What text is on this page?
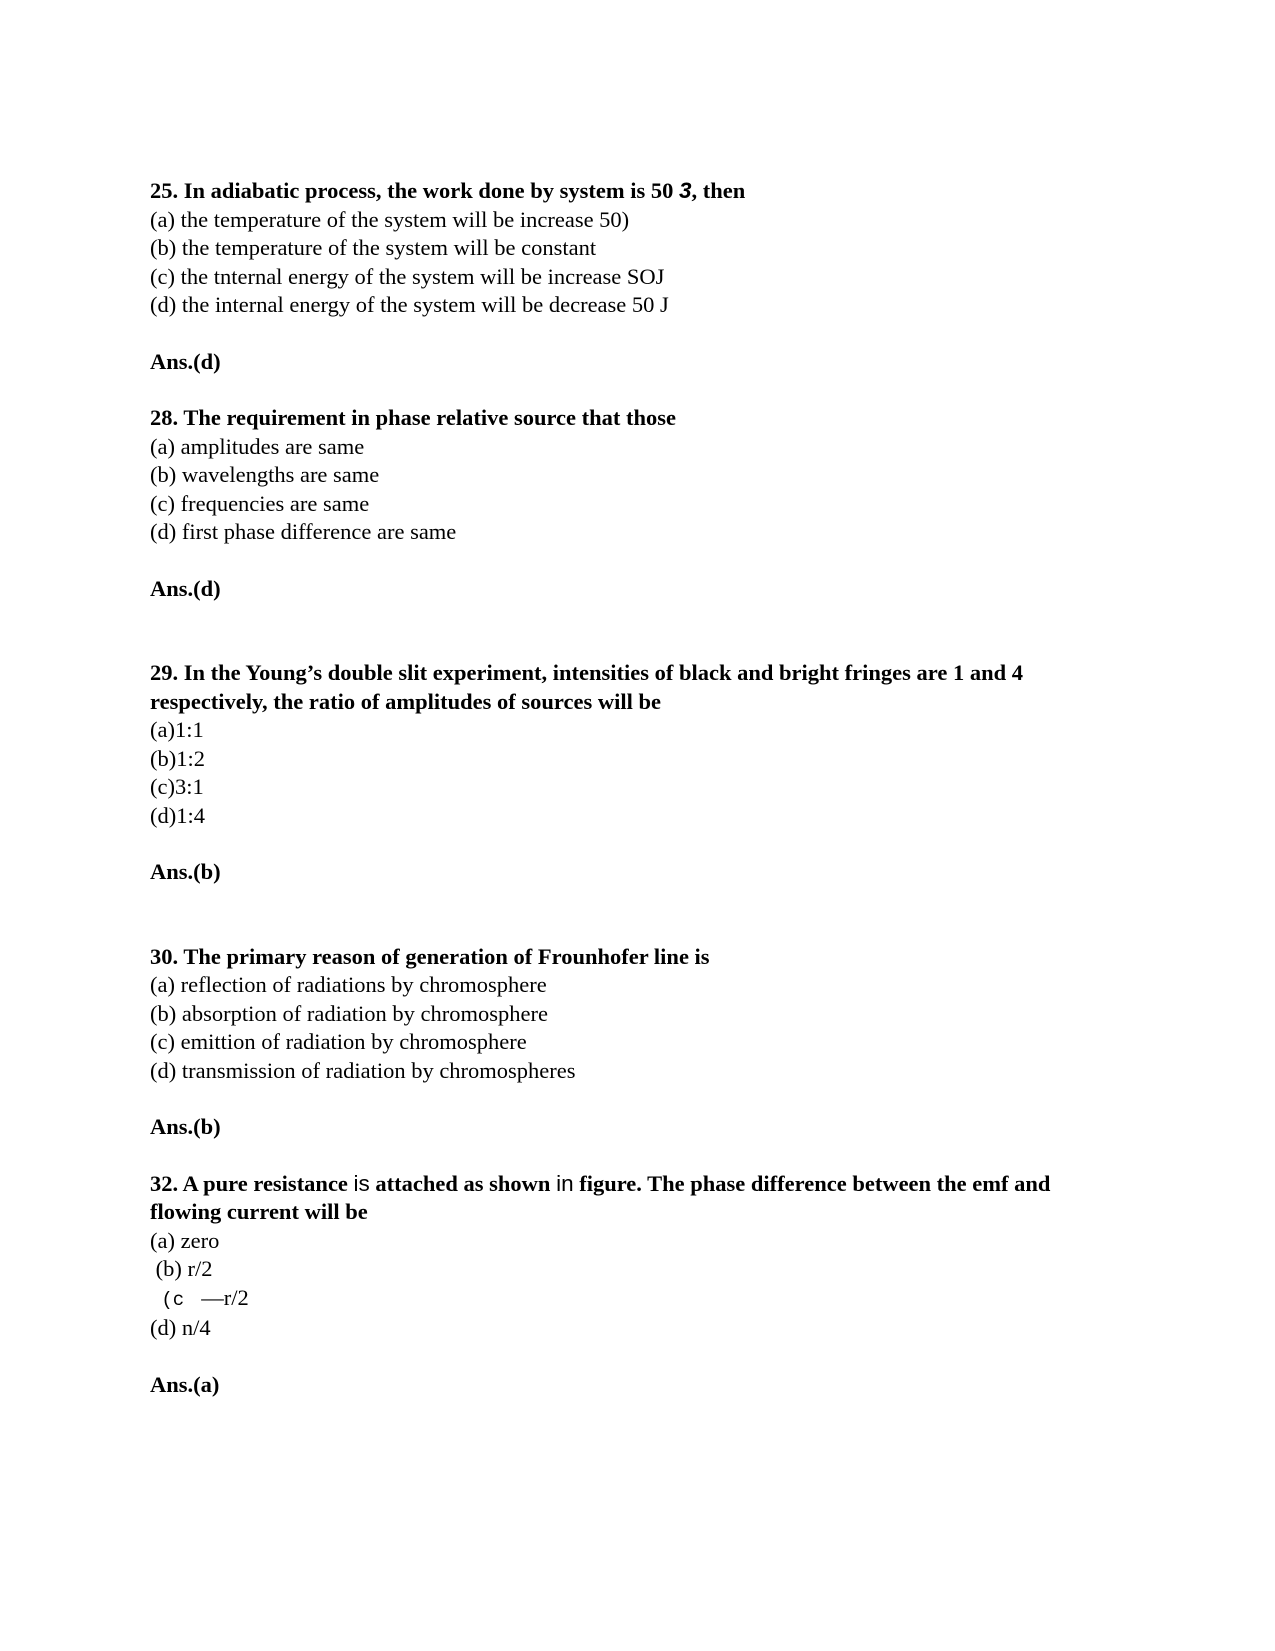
25. In adiabatic process, the work done by system is 50 3, then
(a) the temperature of the system will be increase 50)
(b) the temperature of the system will be constant
(c) the tnternal energy of the system will be increase SOJ
(d) the internal energy of the system will be decrease 50 J
Ans.(d)
28. The requirement in phase relative source that those
(a) amplitudes are same
(b) wavelengths are same
(c) frequencies are same
(d) first phase difference are same
Ans.(d)
29. In the Young’s double slit experiment, intensities of black and bright fringes are 1 and 4 respectively, the ratio of amplitudes of sources will be
(a)1:1
(b)1:2
(c)3:1
(d)1:4
Ans.(b)
30. The primary reason of generation of Frounhofer line is
(a) reflection of radiations by chromosphere
(b) absorption of radiation by chromosphere
(c) emittion of radiation by chromosphere
(d) transmission of radiation by chromospheres
Ans.(b)
32. A pure resistance is attached as shown in figure. The phase difference between the emf and flowing current will be
(a) zero
(b) r/2
(c  —r/2
(d) n/4
Ans.(a)
